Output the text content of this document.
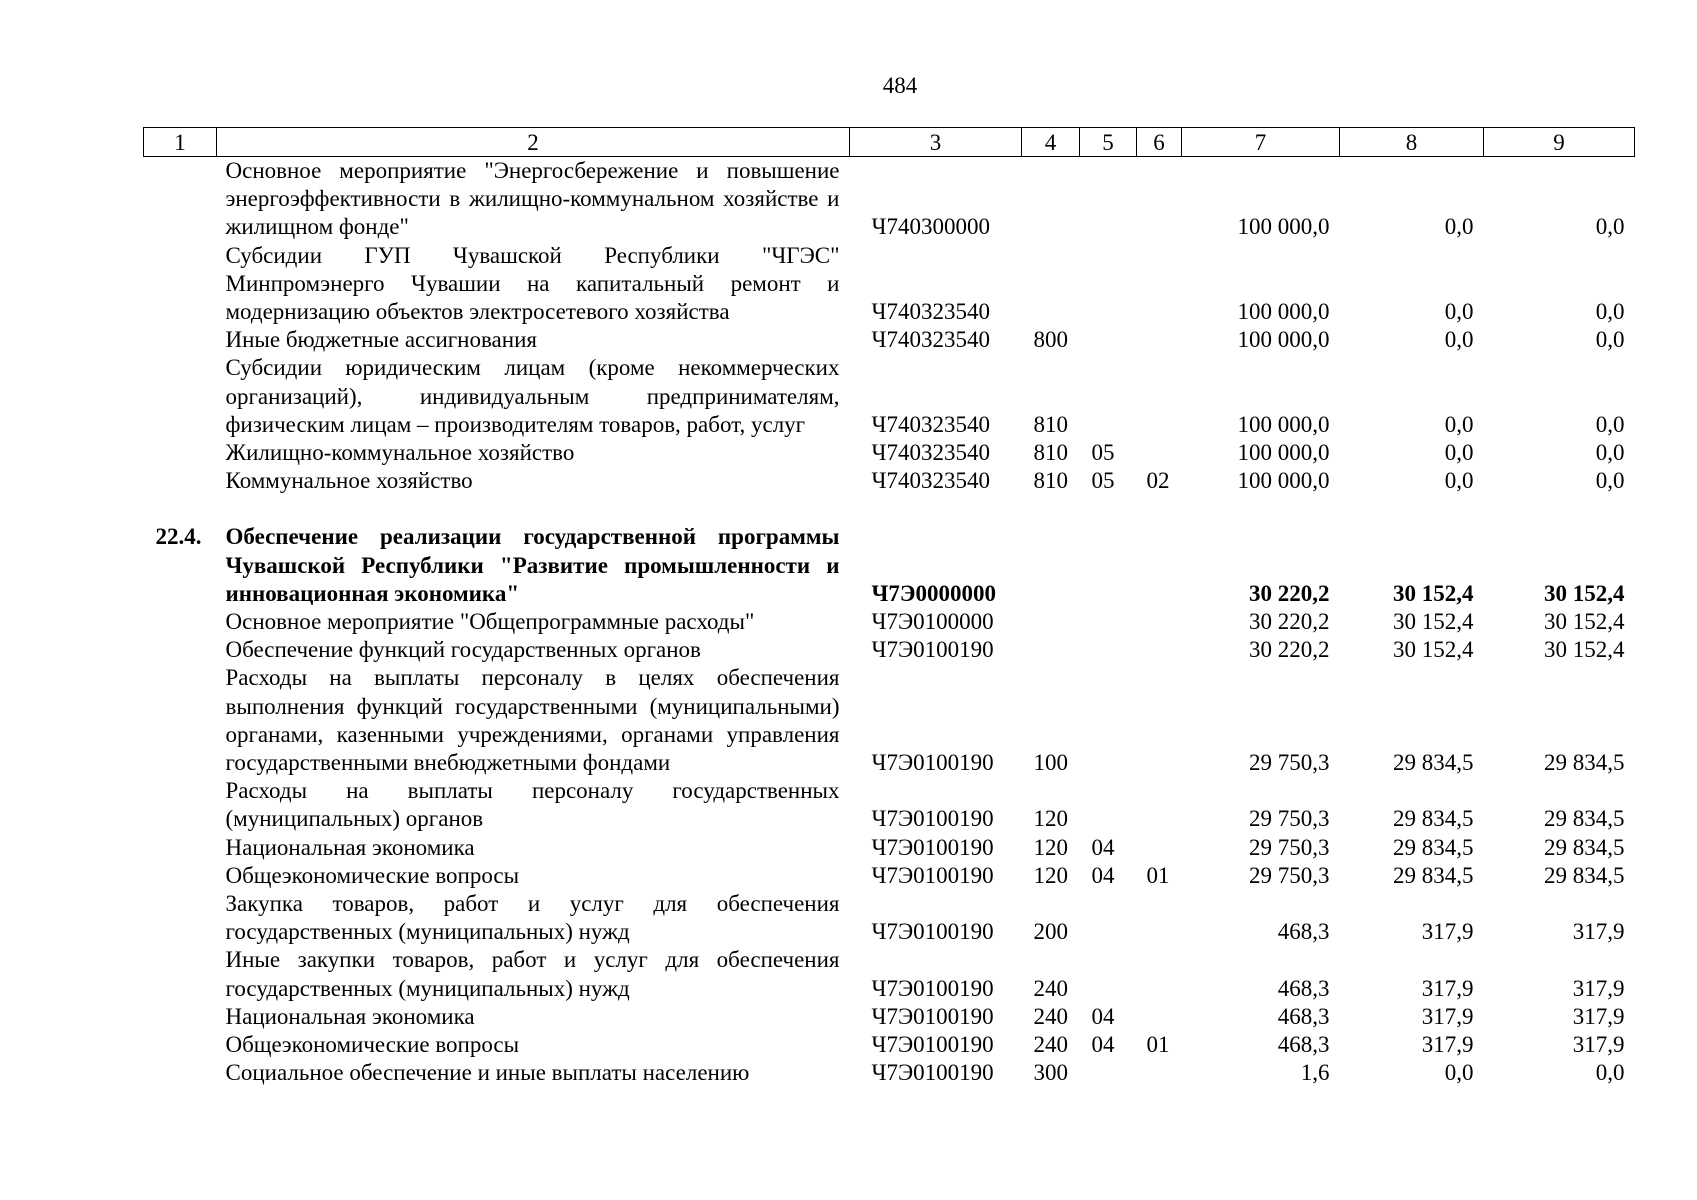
484
1	2	3	4	5	6	7	8	9
	Основное мероприятие "Энергосбережение и повышение энергоэффективности в жилищно-коммунальном хозяйстве и жилищном фонде"	Ч740300000				100 000,0	0,0	0,0
	Субсидии ГУП Чувашской Республики "ЧГЭС" Минпромэнерго Чувашии на капитальный ремонт и модернизацию объектов электросетевого хозяйства	Ч740323540				100 000,0	0,0	0,0
	Иные бюджетные ассигнования	Ч740323540	800			100 000,0	0,0	0,0
	Субсидии юридическим лицам (кроме некоммерческих организаций), индивидуальным предпринимателям, физическим лицам – производителям товаров, работ, услуг	Ч740323540	810			100 000,0	0,0	0,0
	Жилищно-коммунальное хозяйство	Ч740323540	810	05		100 000,0	0,0	0,0
	Коммунальное хозяйство	Ч740323540	810	05	02	100 000,0	0,0	0,0

22.4.	Обеспечение реализации государственной программы Чувашской Республики "Развитие промышленности и инновационная экономика"	Ч7Э0000000				30 220,2	30 152,4	30 152,4
	Основное мероприятие "Общепрограммные расходы"	Ч7Э0100000				30 220,2	30 152,4	30 152,4
	Обеспечение функций государственных органов	Ч7Э0100190				30 220,2	30 152,4	30 152,4
	Расходы на выплаты персоналу в целях обеспечения выполнения функций государственными (муниципальными) органами, казенными учреждениями, органами управления государственными внебюджетными фондами	Ч7Э0100190	100			29 750,3	29 834,5	29 834,5
	Расходы на выплаты персоналу государственных (муниципальных) органов	Ч7Э0100190	120			29 750,3	29 834,5	29 834,5
	Национальная экономика	Ч7Э0100190	120	04		29 750,3	29 834,5	29 834,5
	Общеэкономические вопросы	Ч7Э0100190	120	04	01	29 750,3	29 834,5	29 834,5
	Закупка товаров, работ и услуг для обеспечения государственных (муниципальных) нужд	Ч7Э0100190	200			468,3	317,9	317,9
	Иные закупки товаров, работ и услуг для обеспечения государственных (муниципальных) нужд	Ч7Э0100190	240			468,3	317,9	317,9
	Национальная экономика	Ч7Э0100190	240	04		468,3	317,9	317,9
	Общеэкономические вопросы	Ч7Э0100190	240	04	01	468,3	317,9	317,9
	Социальное обеспечение и иные выплаты населению	Ч7Э0100190	300			1,6	0,0	0,0
